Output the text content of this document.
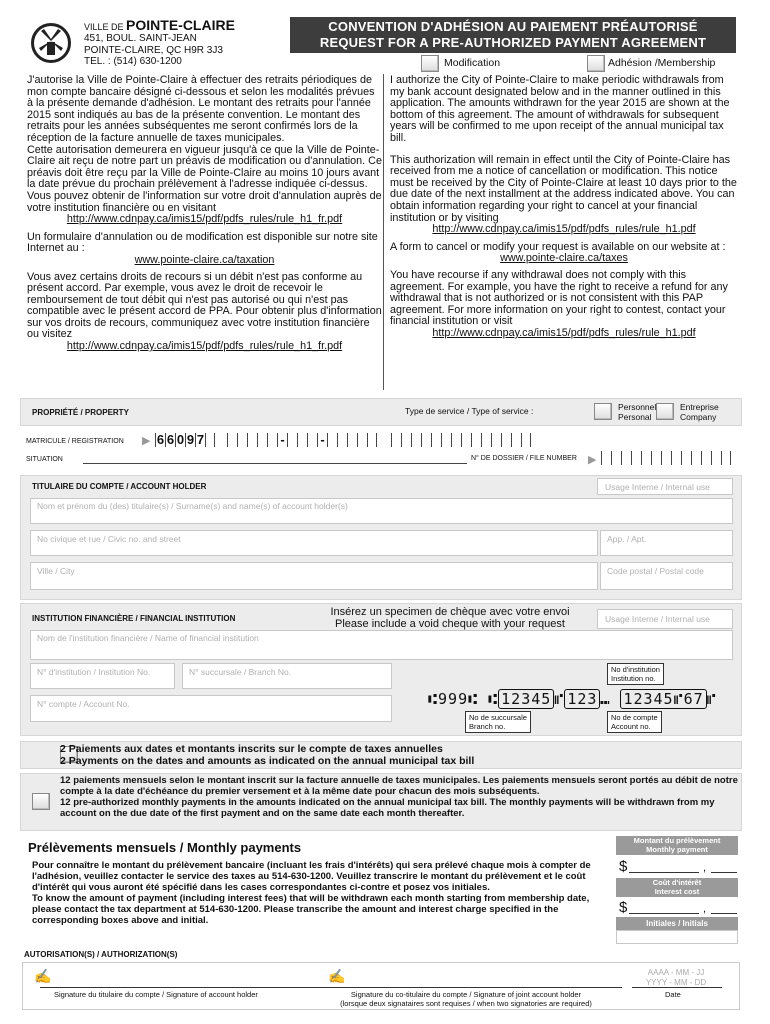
VILLE DE POINTE-CLAIRE
451, BOUL. SAINT-JEAN
POINTE-CLAIRE, QC H9R 3J3
TEL. : (514) 630-1200
CONVENTION D'ADHÉSION AU PAIEMENT PRÉAUTORISÉ
REQUEST FOR A PRE-AUTHORIZED PAYMENT AGREEMENT
Modification	Adhésion /Membership

J'autorise la Ville de Pointe-Claire à effectuer des retraits périodiques de mon compte bancaire désigné ci-dessous et selon les modalités prévues à la présente demande d'adhésion. Le montant des retraits pour l'année 2015 sont indiqués au bas de la présente convention. Le montant des retraits pour les années subséquentes me seront confirmés lors de la réception de la facture annuelle de taxes municipales.

Cette autorisation demeurera en vigueur jusqu'à ce que la Ville de Pointe-Claire ait reçu de notre part un préavis de modification ou d'annulation. Ce préavis doit être reçu par la Ville de Pointe-Claire au moins 10 jours avant la date prévue du prochain prélèvement à l'adresse indiquée ci-dessus. Vous pouvez obtenir de l'information sur votre droit d'annulation auprès de votre institution financière ou en visitant

http://www.cdnpay.ca/imis15/pdf/pdfs_rules/rule_h1_fr.pdf

Un formulaire d'annulation ou de modification est disponible sur notre site Internet au :

www.pointe-claire.ca/taxation

Vous avez certains droits de recours si un débit n'est pas conforme au présent accord. Par exemple, vous avez le droit de recevoir le remboursement de tout débit qui n'est pas autorisé ou qui n'est pas compatible avec le présent accord de PPA. Pour obtenir plus d'information sur vos droits de recours, communiquez avec votre institution financière ou visitez

http://www.cdnpay.ca/imis15/pdf/pdfs_rules/rule_h1_fr.pdf

I authorize the City of Pointe-Claire to make periodic withdrawals from my bank account designated below and in the manner outlined in this application. The amounts withdrawn for the year 2015 are shown at the bottom of this agreement. The amount of withdrawals for subsequent years will be confirmed to me upon receipt of the annual municipal tax bill.

This authorization will remain in effect until the City of Pointe-Claire has received from me a notice of cancellation or modification. This notice must be received by the City of Pointe-Claire at least 10 days prior to the due date of the next installment at the address indicated above. You can obtain information regarding your right to cancel at your financial institution or by visiting

http://www.cdnpay.ca/imis15/pdf/pdfs_rules/rule_h1.pdf

A form to cancel or modify your request is available on our website at :

www.pointe-claire.ca/taxes

You have recourse if any withdrawal does not comply with this agreement. For example, you have the right to receive a refund for any withdrawal that is not authorized or is not consistent with this PAP agreement. For more information on your right to contest, contact your financial institution or visit

http://www.cdnpay.ca/imis15/pdf/pdfs_rules/rule_h1.pdf

PROPRIÉTÉ / PROPERTY	Type de service / Type of service :	Personnel
Personal
Entreprise
Company
MATRICULE / REGISTRATION ▶ 6 6 0 9 7	-	-
SITUATION	N° DE DOSSIER / FILE NUMBER ▶
TITULAIRE DU COMPTE / ACCOUNT HOLDER	Usage Interne / Internal use
Nom et prénom du (des) titulaire(s) / Surname(s) and name(s) of account holder(s)
No civique et rue / Civic no. and street	App. / Apt.
Ville / City	Code postal / Postal code
INSTITUTION FINANCIÈRE / FINANCIAL INSTITUTION
Insérez un specimen de chèque avec votre envoi
Please include a void cheque with your request	Usage Interne / Internal use
Nom de l'institution financière / Name of financial institution
N° d'institution / Institution No.	N° succursale / Branch No.
N° compte / Account No.
No d'institution
Institution no.
⑆999⑆ ⑆ 12345 ⑈ 123 ⑉ 12345⑈67 ⑈
No de succursale
Branch no.
No de compte
Account no.
2 Paiements aux dates et montants inscrits sur le compte de taxes annuelles
2 Payments on the dates and amounts as indicated on the annual municipal tax bill
12 paiements mensuels selon le montant inscrit sur la facture annuelle de taxes municipales. Les paiements mensuels seront portés au débit de notre compte à la date d'échéance du premier versement et à la même date pour chacun des mois subséquents.
12 pre-authorized monthly payments in the amounts indicated on the annual municipal tax bill. The monthly payments will be withdrawn from my account on the due date of the first payment and on the same date each month thereafter.
Prélèvements mensuels / Monthly payments
Pour connaître le montant du prélèvement bancaire (incluant les frais d'intérêts) qui sera prélevé chaque mois à compter de l'adhésion, veuillez contacter le service des taxes au 514-630-1200. Veuillez transcrire le montant du prélèvement et le coût d'intérêt qui vous auront été spécifié dans les cases correspondantes ci-contre et posez vos initiales.
To know the amount of payment (including interest fees) that will be withdrawn each month starting from membership date, please contact the tax department at 514-630-1200. Please transcribe the amount and interest charge specified in the corresponding boxes above and initial.
Montant du prélèvement
Monthly payment
$	,
Coût d'intérêt
Interest cost
$	,
Initiales / Initials
AUTORISATION(S) / AUTHORIZATION(S)
✍
Signature du titulaire du compte / Signature of account holder
✍
Signature du co-titulaire du compte / Signature of joint account holder
(lorsque deux signataires sont requises / when two signatories are required)
AAAA - MM - JJ
YYYY - MM - DD
Date
